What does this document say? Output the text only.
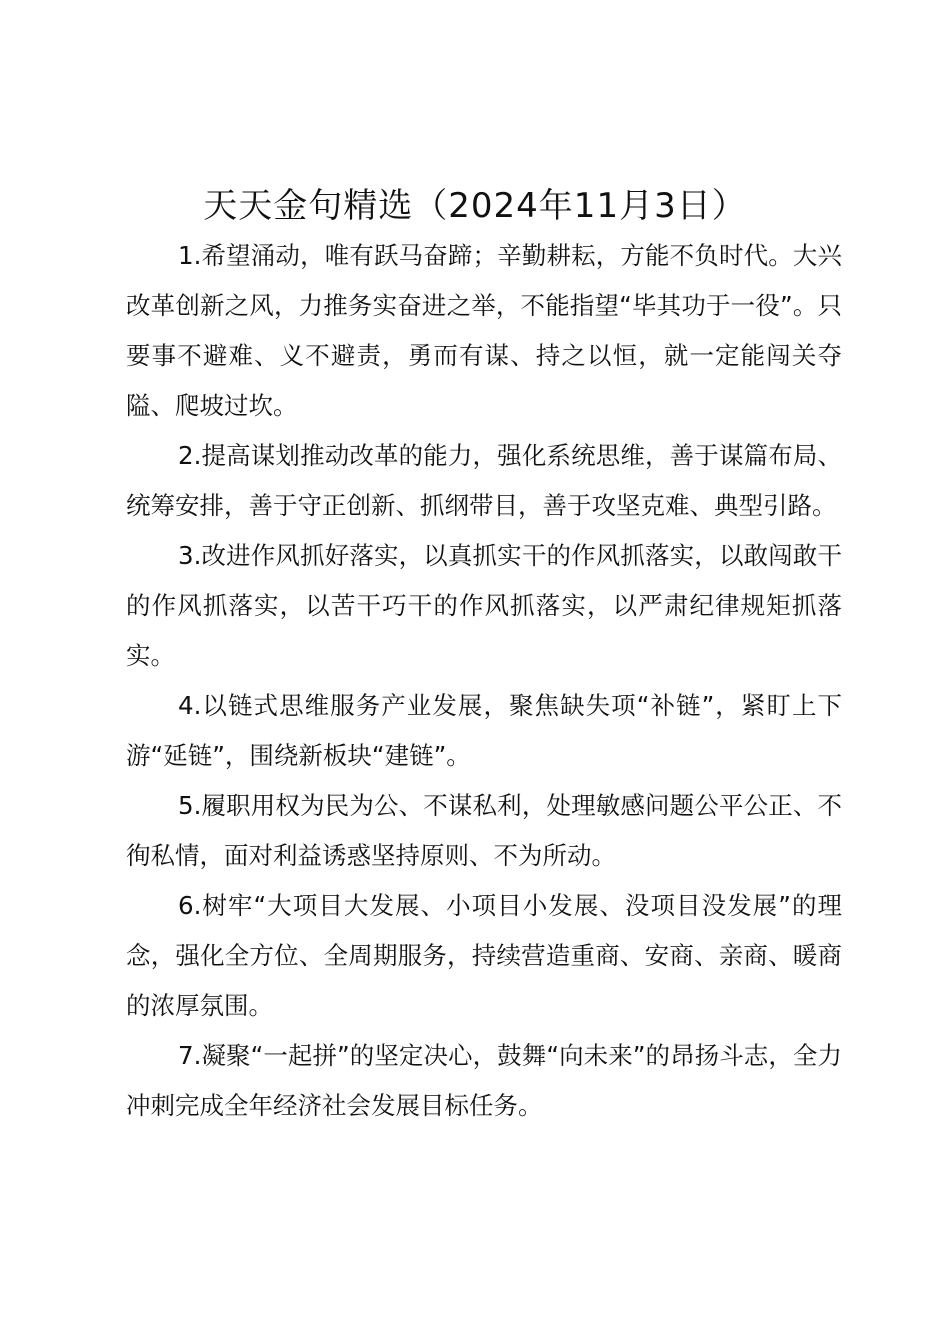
天天金句精选（2024年11月3日）

1.希望涌动，唯有跃马奋蹄；辛勤耕耘，方能不负时代。大兴改革创新之风，力推务实奋进之举，不能指望“毕其功于一役”。只要事不避难、义不避责，勇而有谋、持之以恒，就一定能闯关夺隘、爬坡过坎。

2.提高谋划推动改革的能力，强化系统思维，善于谋篇布局、统筹安排，善于守正创新、抓纲带目，善于攻坚克难、典型引路。

3.改进作风抓好落实，以真抓实干的作风抓落实，以敢闯敢干的作风抓落实，以苦干巧干的作风抓落实，以严肃纪律规矩抓落实。

4.以链式思维服务产业发展，聚焦缺失项“补链”，紧盯上下游“延链”，围绕新板块“建链”。

5.履职用权为民为公、不谋私利，处理敏感问题公平公正、不徇私情，面对利益诱惑坚持原则、不为所动。

6.树牢“大项目大发展、小项目小发展、没项目没发展”的理念，强化全方位、全周期服务，持续营造重商、安商、亲商、暖商的浓厚氛围。

7.凝聚“一起拼”的坚定决心，鼓舞“向未来”的昂扬斗志，全力冲刺完成全年经济社会发展目标任务。
